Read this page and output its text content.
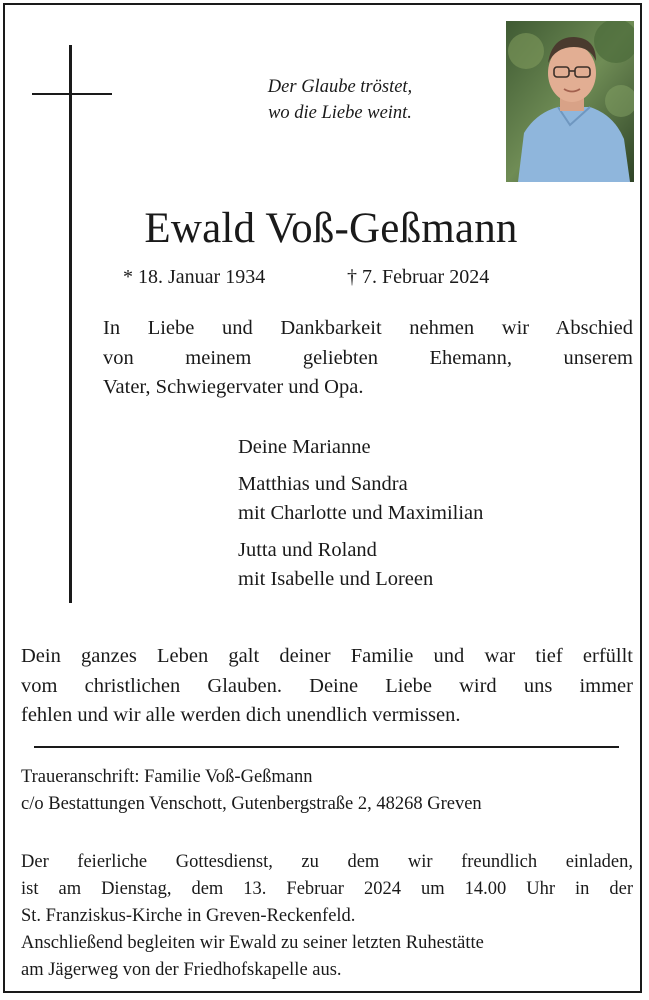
Der Glaube tröstet,
wo die Liebe weint.
Ewald Voß-Geßmann
* 18. Januar 1934	† 7. Februar 2024
In Liebe und Dankbarkeit nehmen wir Abschied
von meinem geliebten Ehemann, unserem
Vater, Schwiegervater und Opa.
Deine Marianne
Matthias und Sandra
mit Charlotte und Maximilian
Jutta und Roland
mit Isabelle und Loreen
Dein ganzes Leben galt deiner Familie und war tief erfüllt
vom christlichen Glauben. Deine Liebe wird uns immer
fehlen und wir alle werden dich unendlich vermissen.
Traueranschrift: Familie Voß-Geßmann
c/o Bestattungen Venschott, Gutenbergstraße 2, 48268 Greven
Der feierliche Gottesdienst, zu dem wir freundlich einladen,
ist am Dienstag, dem 13. Februar 2024 um 14.00 Uhr in der
St. Franziskus-Kirche in Greven-Reckenfeld.
Anschließend begleiten wir Ewald zu seiner letzten Ruhestätte
am Jägerweg von der Friedhofskapelle aus.
